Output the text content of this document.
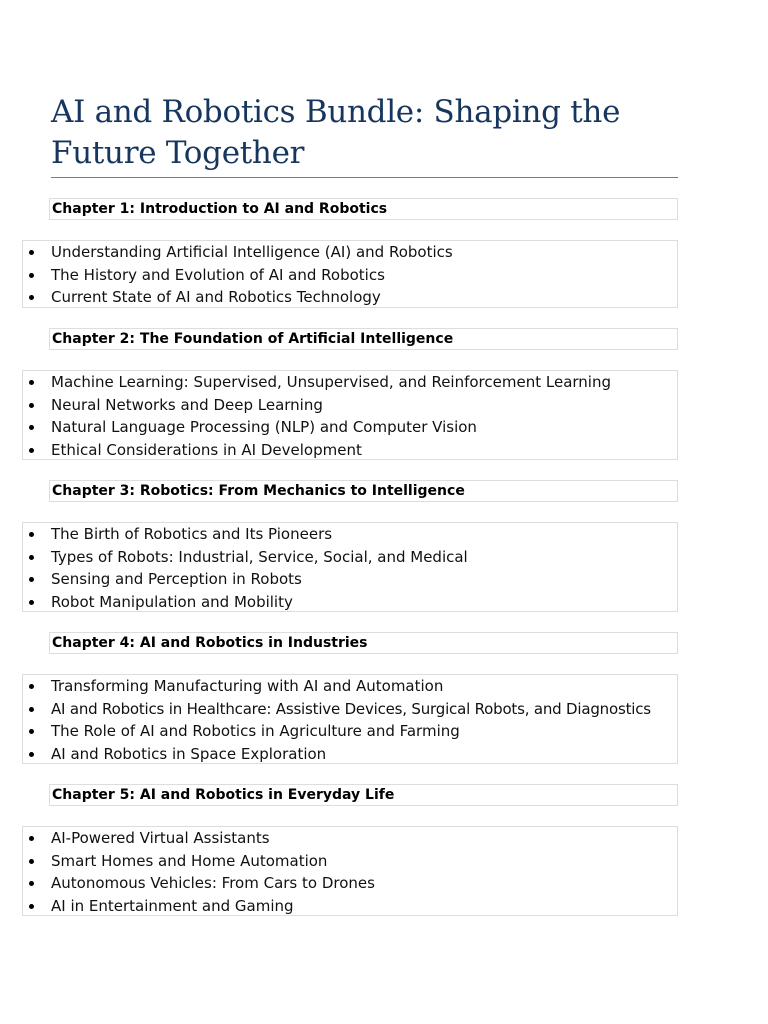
AI and Robotics Bundle: Shaping the Future Together
Chapter 1: Introduction to AI and Robotics
Understanding Artificial Intelligence (AI) and Robotics
The History and Evolution of AI and Robotics
Current State of AI and Robotics Technology
Chapter 2: The Foundation of Artificial Intelligence
Machine Learning: Supervised, Unsupervised, and Reinforcement Learning
Neural Networks and Deep Learning
Natural Language Processing (NLP) and Computer Vision
Ethical Considerations in AI Development
Chapter 3: Robotics: From Mechanics to Intelligence
The Birth of Robotics and Its Pioneers
Types of Robots: Industrial, Service, Social, and Medical
Sensing and Perception in Robots
Robot Manipulation and Mobility
Chapter 4: AI and Robotics in Industries
Transforming Manufacturing with AI and Automation
AI and Robotics in Healthcare: Assistive Devices, Surgical Robots, and Diagnostics
The Role of AI and Robotics in Agriculture and Farming
AI and Robotics in Space Exploration
Chapter 5: AI and Robotics in Everyday Life
AI-Powered Virtual Assistants
Smart Homes and Home Automation
Autonomous Vehicles: From Cars to Drones
AI in Entertainment and Gaming
